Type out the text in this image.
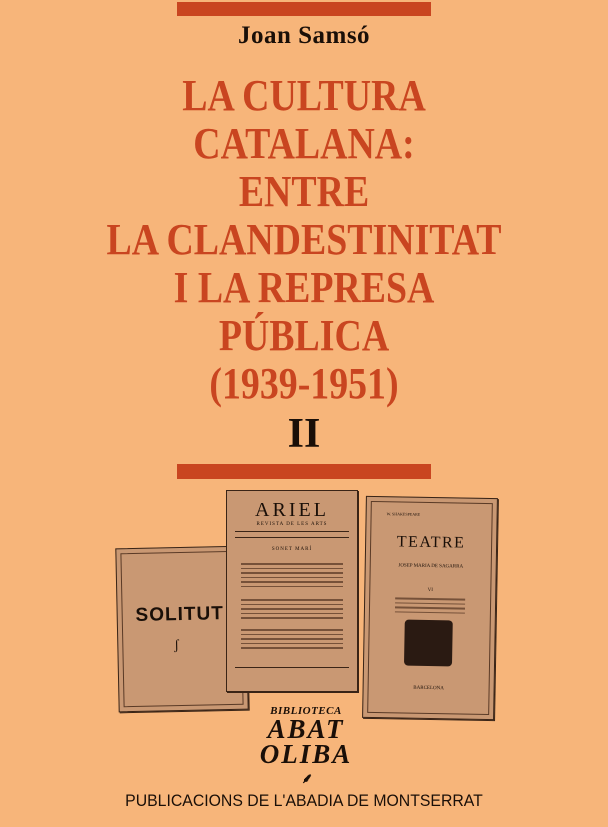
Joan Samsó
LA CULTURA
CATALANA:
ENTRE
LA CLANDESTINITAT
I LA REPRESA
PÚBLICA
(1939-1951)
II
SOLITUT
ʃ
ARIEL
REVISTA DE LES ARTS
SONET MARÍ
W. SHAKESPEARE
TEATRE
JOSEP MARIA DE SAGARRA
VI
BARCELONA
BIBLIOTECA
ABAT
OLIBA
⸙
PUBLICACIONS DE L'ABADIA DE MONTSERRAT
